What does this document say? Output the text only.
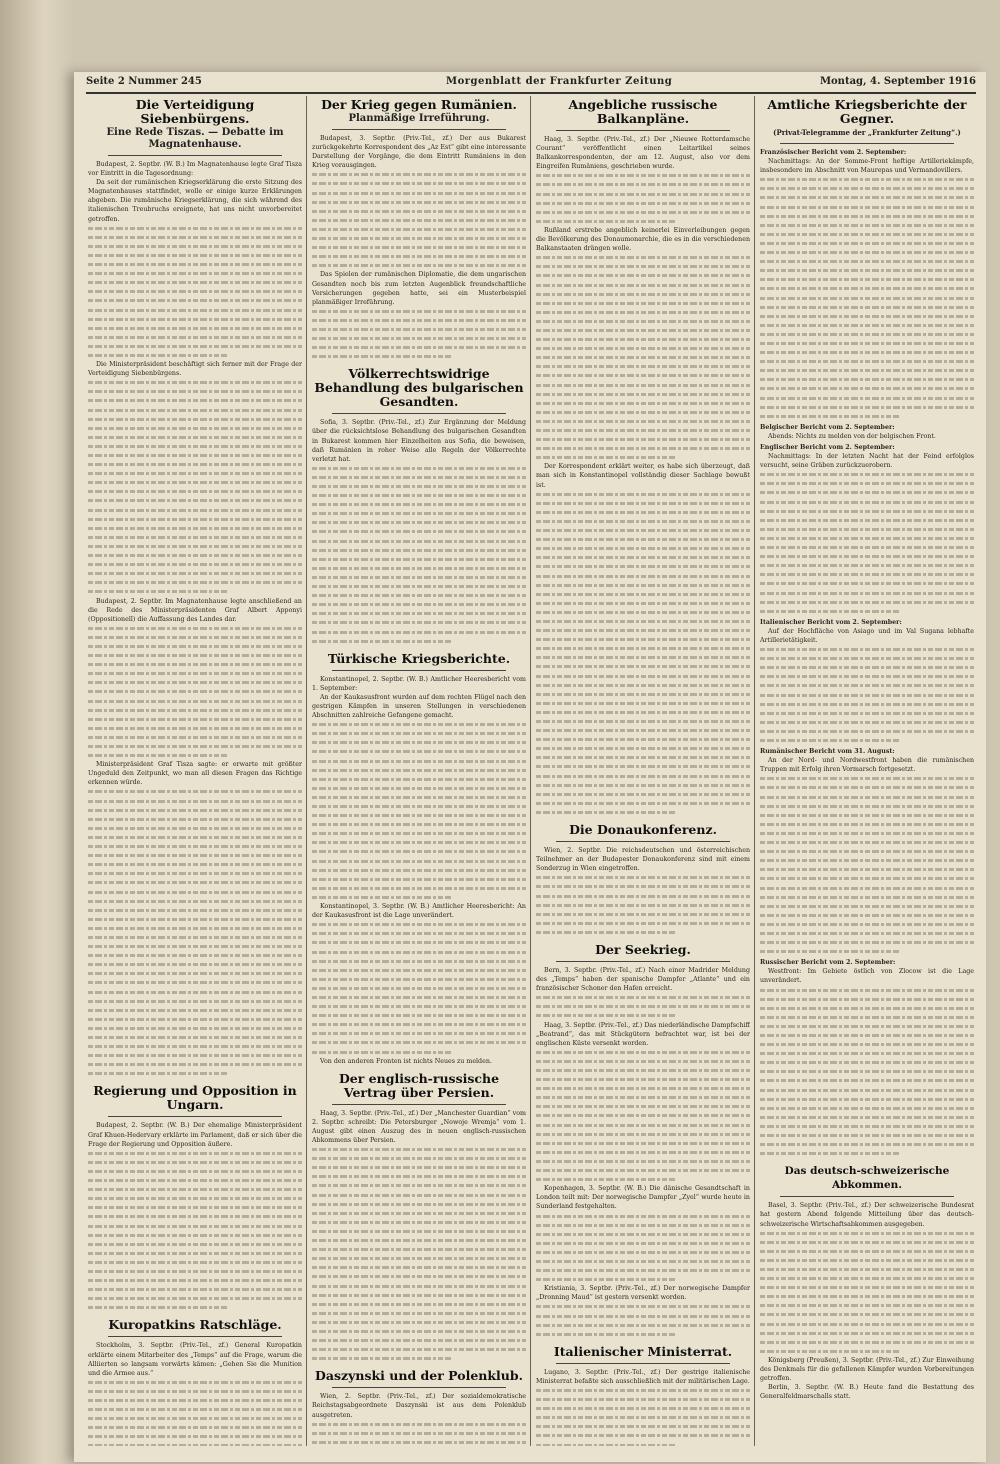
Seite 2 Nummer 245	Morgenblatt der Frankfurter Zeitung	Montag, 4. September 1916
Die Verteidigung Siebenbürgens.
Eine Rede Tiszas. — Debatte im Magnatenhause.

Budapest, 2. Septbr. (W. B.) Im Magnatenhause legte Graf Tisza vor Eintritt in die Tagesordnung:

Da seit der rumänischen Kriegserklärung die erste Sitzung des Magnatenhauses stattfindet, wolle er einige kurze Erklärungen abgeben. Die rumänische Kriegserklärung, die sich während des italienischen Treubruchs ereignete, hat uns nicht unvorbereitet getroffen.

Die Ministerpräsident beschäftigt sich ferner mit der Frage der Verteidigung Siebenbürgens.

Budapest, 2. Septbr. Im Magnatenhause legte anschließend an die Rede des Ministerpräsidenten Graf Albert Apponyi (Oppositionell) die Auffassung des Landes dar.

Ministerpräsident Graf Tisza sagte: er erwarte mit größter Ungeduld den Zeitpunkt, wo man all diesen Fragen das Richtige erkennen würde.

Regierung und Opposition in Ungarn.

Budapest, 2. Septbr. (W. B.) Der ehemalige Ministerpräsident Graf Khuen-Hedervary erklärte im Parlament, daß er sich über die Frage der Regierung und Opposition äußere.

Kuropatkins Ratschläge.

Stockholm, 3. Septbr. (Priv.-Tel., zf.) General Kuropatkin erklärte einem Mitarbeiter des „Temps“ auf die Frage, warum die Alliierten so langsam vorwärts kämen: „Gehen Sie die Munition und die Armee aus.“

Der Krieg gegen Rumänien.
Planmäßige Irreführung.

Budapest, 3. Septbr. (Priv.-Tel., zf.) Der aus Bukarest zurückgekehrte Korrespondent des „Az Est“ gibt eine interessante Darstellung der Vorgänge, die dem Eintritt Rumäniens in den Krieg vorausgingen.

Das Spielen der rumänischen Diplomatie, die dem ungarischen Gesandten noch bis zum letzten Augenblick freundschaftliche Versicherungen gegeben hatte, sei ein Musterbeispiel planmäßiger Irreführung.

Völkerrechtswidrige Behandlung des bulgarischen Gesandten.

Sofia, 3. Septbr. (Priv.-Tel., zf.) Zur Ergänzung der Meldung über die rücksichtslose Behandlung des bulgarischen Gesandten in Bukarest kommen hier Einzelheiten aus Sofia, die beweisen, daß Rumänien in roher Weise alle Regeln der Völkerrechte verletzt hat.

Türkische Kriegsberichte.

Konstantinopel, 2. Septbr. (W. B.) Amtlicher Heeresbericht vom 1. September:

An der Kaukasusfront wurden auf dem rechten Flügel nach den gestrigen Kämpfen in unseren Stellungen in verschiedenen Abschnitten zahlreiche Gefangene gemacht.

Konstantinopel, 3. Septbr. (W. B.) Amtlicher Heeresbericht: An der Kaukasusfront ist die Lage unverändert.

Von den anderen Fronten ist nichts Neues zu melden.

Der englisch-russische Vertrag über Persien.

Haag, 3. Septbr. (Priv.-Tel., zf.) Der „Manchester Guardian“ vom 2. Septbr. schreibt: Die Petersburger „Nowoje Wremja“ vom 1. August gibt einen Auszug des in neuen englisch-russischen Abkommens über Persien.

Daszynski und der Polenklub.

Wien, 2. Septbr. (Priv.-Tel., zf.) Der sozialdemokratische Reichstagsabgeordnete Daszynski ist aus dem Polenklub ausgetreten.

Angebliche russische Balkanpläne.

Haag, 3. Septbr. (Priv.-Tel., zf.) Der „Nieuwe Rotterdamsche Courant“ veröffentlicht einen Leitartikel seines Balkankorrespondenten, der am 12. August, also vor dem Eingreifen Rumäniens, geschrieben wurde.

Rußland erstrebe angeblich keinerlei Einverleibungen gegen die Bevölkerung des Donaumonarchie, die es in die verschiedenen Balkanstaaten drängen wolle.

Der Korrespondent erklärt weiter, es habe sich überzeugt, daß man sich in Konstantinopel vollständig dieser Sachlage bewußt ist.

Die Donaukonferenz.

Wien, 2. Septbr. Die reichsdeutschen und österreichischen Teilnehmer an der Budapester Donaukonferenz sind mit einem Sonderzug in Wien eingetroffen.

Der Seekrieg.

Bern, 3. Septbr. (Priv.-Tel., zf.) Nach einer Madrider Meldung des „Temps“ haben der spanische Dampfer „Atlante“ und ein französischer Schoner den Hafen erreicht.

Haag, 3. Septbr. (Priv.-Tel., zf.) Das niederländische Dampfschiff „Beatrand“, das mit Stückgütern befrachtet war, ist bei der englischen Küste versenkt worden.

Kopenhagen, 3. Septbr. (W. B.) Die dänische Gesandtschaft in London teilt mit: Der norwegische Dampfer „Zyel“ wurde heute in Sunderland festgehalten.

Kristiania, 3. Septbr. (Priv.-Tel., zf.) Der norwegische Dampfer „Dronning Maud“ ist gestern versenkt worden.

Italienischer Ministerrat.

Lugano, 3. Septbr. (Priv.-Tel., zf.) Der gestrige italienische Ministerrat befaßte sich ausschließlich mit der militärischen Lage.

Amtliche Kriegsberichte der Gegner.
(Privat-Telegramme der „Frankfurter Zeitung“.)

Französischer Bericht vom 2. September:

Nachmittags: An der Somme-Front heftige Artilleriekämpfe, insbesondere im Abschnitt von Maurepas und Vermandovillers.

Belgischer Bericht vom 2. September:

Abends: Nichts zu melden von der belgischen Front.

Englischer Bericht vom 2. September:

Nachmittags: In der letzten Nacht hat der Feind erfolglos versucht, seine Gräben zurückzuerobern.

Italienischer Bericht vom 2. September:

Auf der Hochfläche von Asiago und im Val Sugana lebhafte Artillerietätigkeit.

Rumänischer Bericht vom 31. August:

An der Nord- und Nordwestfront haben die rumänischen Truppen mit Erfolg ihren Vormarsch fortgesetzt.

Russischer Bericht vom 2. September:

Westfront: Im Gebiete östlich von Zlocow ist die Lage unverändert.

Das deutsch-schweizerische Abkommen.

Basel, 3. Septbr. (Priv.-Tel., zf.) Der schweizerische Bundesrat hat gestern Abend folgende Mitteilung über das deutsch-schweizerische Wirtschaftsabkommen ausgegeben.

Königsberg (Preußen), 3. Septbr. (Priv.-Tel., zf.) Zur Einweihung des Denkmals für die gefallenen Kämpfer wurden Vorbereitungen getroffen.

Berlin, 3. Septbr. (W. B.) Heute fand die Bestattung des Generalfeldmarschalls statt.
